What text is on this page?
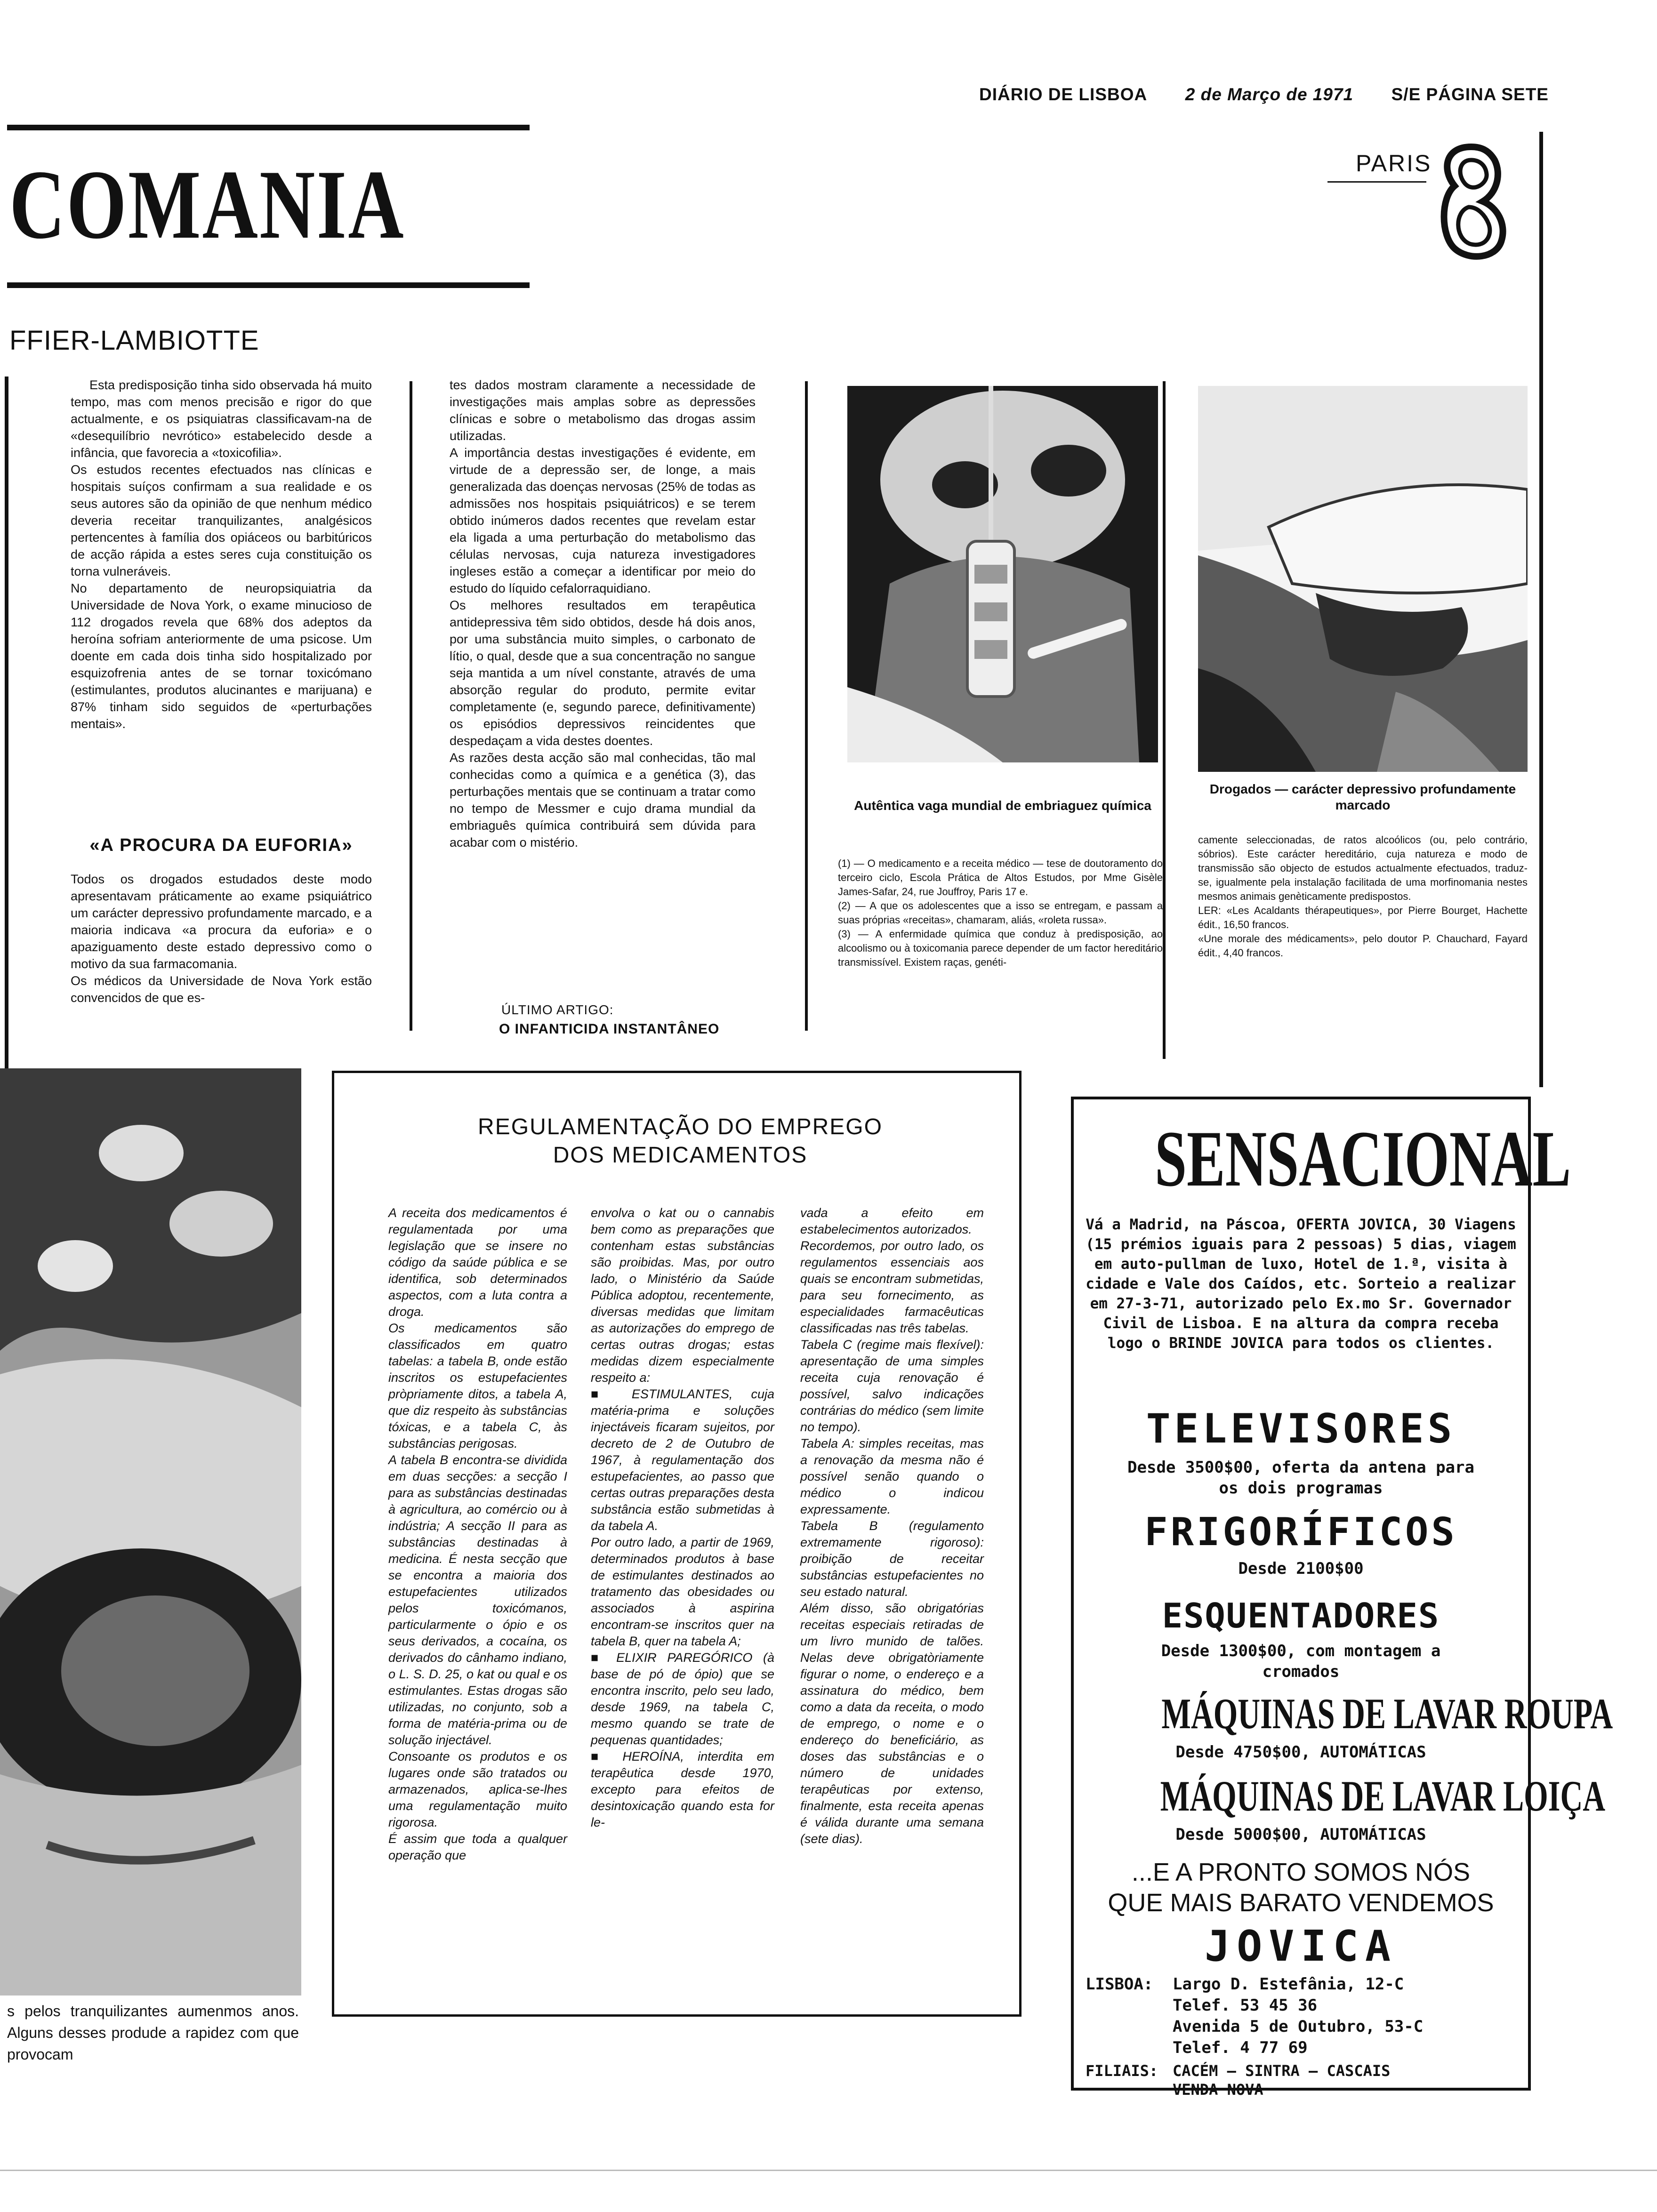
DIÁRIO DE LISBOA 2 de Março de 1971 S/E PÁGINA SETE
COMANIA
FFIER-LAMBIOTTE
PARIS
Esta predisposição tinha sido observada há muito tempo, mas com menos precisão e rigor do que actualmente, e os psiquiatras classificavam-na de «desequilíbrio nevrótico» estabelecido desde a infância, que favorecia a «toxicofilia».
Os estudos recentes efectuados nas clínicas e hospitais suíços confirmam a sua realidade e os seus autores são da opinião de que nenhum médico deveria receitar tranquilizantes, analgésicos pertencentes à família dos opiáceos ou barbitúricos de acção rápida a estes seres cuja constituição os torna vulneráveis.
No departamento de neuropsiquiatria da Universidade de Nova York, o exame minucioso de 112 drogados revela que 68% dos adeptos da heroína sofriam anteriormente de uma psicose. Um doente em cada dois tinha sido hospitalizado por esquizofrenia antes de se tornar toxicómano (estimulantes, produtos alucinantes e marijuana) e 87% tinham sido seguidos de «perturbações mentais».
«A PROCURA DA EUFORIA»
Todos os drogados estudados deste modo apresentavam práticamente ao exame psiquiátrico um carácter depressivo profundamente marcado, e a maioria indicava «a procura da euforia» e o apaziguamento deste estado depressivo como o motivo da sua farmacomania.
Os médicos da Universidade de Nova York estão convencidos de que es-
tes dados mostram claramente a necessidade de investigações mais amplas sobre as depressões clínicas e sobre o metabolismo das drogas assim utilizadas.
A importância destas investigações é evidente, em virtude de a depressão ser, de longe, a mais generalizada das doenças nervosas (25% de todas as admissões nos hospitais psiquiátricos) e se terem obtido inúmeros dados recentes que revelam estar ela ligada a uma perturbação do metabolismo das células nervosas, cuja natureza investigadores ingleses estão a começar a identificar por meio do estudo do líquido cefalorraquidiano.
Os melhores resultados em terapêutica antidepressiva têm sido obtidos, desde há dois anos, por uma substância muito simples, o carbonato de lítio, o qual, desde que a sua concentração no sangue seja mantida a um nível constante, através de uma absorção regular do produto, permite evitar completamente (e, segundo parece, definitivamente) os episódios depressivos reincidentes que despedaçam a vida destes doentes.
As razões desta acção são mal conhecidas, tão mal conhecidas como a química e a genética (3), das perturbações mentais que se continuam a tratar como no tempo de Messmer e cujo drama mundial da embriaguês química contribuirá sem dúvida para acabar com o mistério.
ÚLTIMO ARTIGO:
O INFANTICIDA INSTANTÂNEO
Autêntica vaga mundial de embriaguez química
Drogados — carácter depressivo profundamente marcado
(1) — O medicamento e a receita médico — tese de doutoramento do terceiro ciclo, Escola Prática de Altos Estudos, por Mme Gisèle James-Safar, 24, rue Jouffroy, Paris 17 e.
(2) — A que os adolescentes que a isso se entregam, e passam a suas próprias «receitas», chamaram, aliás, «roleta russa».
(3) — A enfermidade química que conduz à predisposição, ao alcoolismo ou à toxicomania parece depender de um factor hereditário transmissível. Existem raças, genéti-
camente seleccionadas, de ratos alcoólicos (ou, pelo contrário, sóbrios). Este carácter hereditário, cuja natureza e modo de transmissão são objecto de estudos actualmente efectuados, traduz-se, igualmente pela instalação facilitada de uma morfinomania nestes mesmos animais genèticamente predispostos.
LER: «Les Acaldants thérapeutiques», por Pierre Bourget, Hachette édit., 16,50 francos.
«Une morale des médicaments», pelo doutor P. Chauchard, Fayard édit., 4,40 francos.
s pelos tranquilizantes aumenmos anos. Alguns desses produde a rapidez com que provocam
REGULAMENTAÇÃO DO EMPREGO
DOS MEDICAMENTOS
A receita dos medicamentos é regulamentada por uma legislação que se insere no código da saúde pública e se identifica, sob determinados aspectos, com a luta contra a droga.
Os medicamentos são classificados em quatro tabelas: a tabela B, onde estão inscritos os estupefacientes pròpriamente ditos, a tabela A, que diz respeito às substâncias tóxicas, e a tabela C, às substâncias perigosas.
A tabela B encontra-se dividida em duas secções: a secção I para as substâncias destinadas à agricultura, ao comércio ou à indústria; A secção II para as substâncias destinadas à medicina. É nesta secção que se encontra a maioria dos estupefacientes utilizados pelos toxicómanos, particularmente o ópio e os seus derivados, a cocaína, os derivados do cânhamo indiano, o L. S. D. 25, o kat ou qual e os estimulantes. Estas drogas são utilizadas, no conjunto, sob a forma de matéria-prima ou de solução injectável.
Consoante os produtos e os lugares onde são tratados ou armazenados, aplica-se-lhes uma regulamentação muito rigorosa.
É assim que toda a qualquer operação que
envolva o kat ou o cannabis bem como as preparações que contenham estas substâncias são proibidas. Mas, por outro lado, o Ministério da Saúde Pública adoptou, recentemente, diversas medidas que limitam as autorizações do emprego de certas outras drogas; estas medidas dizem especialmente respeito a:
■ ESTIMULANTES, cuja matéria-prima e soluções injectáveis ficaram sujeitos, por decreto de 2 de Outubro de 1967, à regulamentação dos estupefacientes, ao passo que certas outras preparações desta substância estão submetidas à da tabela A.
Por outro lado, a partir de 1969, determinados produtos à base de estimulantes destinados ao tratamento das obesidades ou associados à aspirina encontram-se inscritos quer na tabela B, quer na tabela A;
■ ELIXIR PAREGÓRICO (à base de pó de ópio) que se encontra inscrito, pelo seu lado, desde 1969, na tabela C, mesmo quando se trate de pequenas quantidades;
■ HEROÍNA, interdita em terapêutica desde 1970, excepto para efeitos de desintoxicação quando esta for le-
vada a efeito em estabelecimentos autorizados.
Recordemos, por outro lado, os regulamentos essenciais aos quais se encontram submetidas, para seu fornecimento, as especialidades farmacêuticas classificadas nas três tabelas.
Tabela C (regime mais flexível): apresentação de uma simples receita cuja renovação é possível, salvo indicações contrárias do médico (sem limite no tempo).
Tabela A: simples receitas, mas a renovação da mesma não é possível senão quando o médico o indicou expressamente.
Tabela B (regulamento extremamente rigoroso): proibição de receitar substâncias estupefacientes no seu estado natural.
Além disso, são obrigatórias receitas especiais retiradas de um livro munido de talões. Nelas deve obrigatòriamente figurar o nome, o endereço e a assinatura do médico, bem como a data da receita, o modo de emprego, o nome e o endereço do beneficiário, as doses das substâncias e o número de unidades terapêuticas por extenso, finalmente, esta receita apenas é válida durante uma semana (sete dias).
SENSACIONAL
Vá a Madrid, na Páscoa, OFERTA JOVICA, 30 Viagens (15 prémios iguais para 2 pessoas) 5 dias, viagem em auto-pullman de luxo, Hotel de 1.ª, visita à cidade e Vale dos Caídos, etc. Sorteio a realizar em 27-3-71, autorizado pelo Ex.mo Sr. Governador Civil de Lisboa. E na altura da compra receba logo o BRINDE JOVICA para todos os clientes.
TELEVISORES
Desde 3500$00, oferta da antena para os dois programas
FRIGORÍFICOS
Desde 2100$00
ESQUENTADORES
Desde 1300$00, com montagem a cromados
MÁQUINAS DE LAVAR ROUPA
Desde 4750$00, AUTOMÁTICAS
MÁQUINAS DE LAVAR LOIÇA
Desde 5000$00, AUTOMÁTICAS
...E A PRONTO SOMOS NÓS
QUE MAIS BARATO VENDEMOS
JOVICA
LISBOA: Largo D. Estefânia, 12-C
Telef. 53 45 36
Avenida 5 de Outubro, 53-C
Telef. 4 77 69
FILIAIS: CACÉM — SINTRA — CASCAIS
VENDA NOVA
